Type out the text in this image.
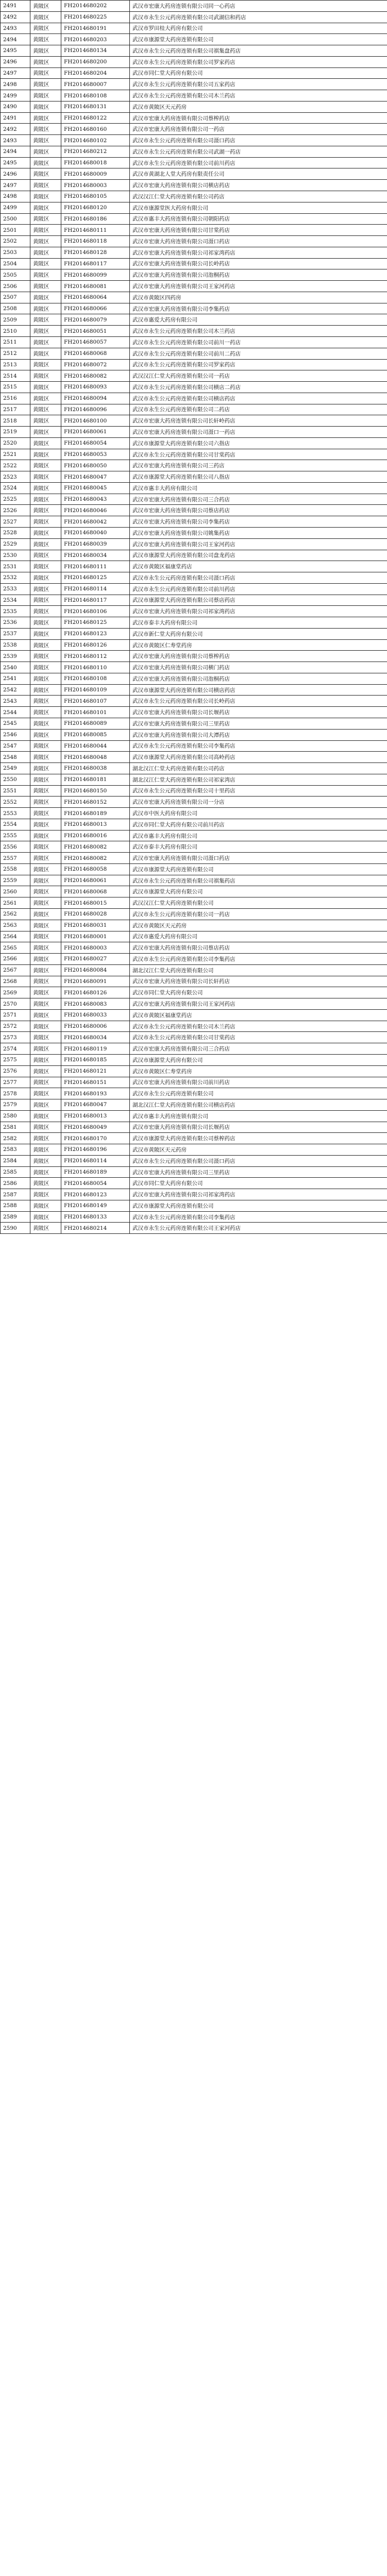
2491	黄陂区	FH2014680202	武汉市宏康大药房连锁有限公司同一心药店
2492	黄陂区	FH2014680225	武汉市永生公元药房连锁有限公司武湖信和药店
2493	黄陂区	FH2014680191	武汉市罗田桂大药房有限公司
2494	黄陂区	FH2014680203	武汉市康源堂大药房连锁有限公司
2495	黄陂区	FH2014680134	武汉市永生公元药房连锁有限公司祺集盘药店
2496	黄陂区	FH2014680200	武汉市永生公元药房连锁有限公司罗家药店
2497	黄陂区	FH2014680204	武汉市同仁堂大药房有限公司
2498	黄陂区	FH2014680007	武汉市永生公元药房连锁有限公司五家药店
2499	黄陂区	FH2014680108	武汉市永生公元药房连锁有限公司木兰药店
2490	黄陂区	FH2014680131	武汉市黄陂区天元药房
2491	黄陂区	FH2014680122	武汉市宏康大药房连锁有限公司蔡榨药店
2492	黄陂区	FH2014680160	武汉市宏康大药房连锁有限公司一药店
2493	黄陂区	FH2014680102	武汉市永生公元药房连锁有限公司滠口药店
2494	黄陂区	FH2014680212	武汉市永生公元药房连锁有限公司武湖一药店
2495	黄陂区	FH2014680018	武汉市永生公元药房连锁有限公司前川药店
2496	黄陂区	FH2014680009	武汉市黄湖北人堂大药房有限责任公司
2497	黄陂区	FH2014680003	武汉市宏康大药房连锁有限公司横店药店
2498	黄陂区	FH2014680105	武汉汉江仁堂大药房连锁有限公司药店
2499	黄陂区	FH2014680120	武汉市康源堂医大药房有限公司
2500	黄陂区	FH2014680186	武汉市惠丰大药房连锁有限公司朝阳药店
2501	黄陂区	FH2014680111	武汉市宏康大药房连锁有限公司甘棠药店
2502	黄陂区	FH2014680118	武汉市宏康大药房连锁有限公司滠口药店
2503	黄陂区	FH2014680128	武汉市宏康大药房连锁有限公司祁家湾药店
2504	黄陂区	FH2014680117	武汉市宏康大药房连锁有限公司长岭药店
2505	黄陂区	FH2014680099	武汉市宏康大药房连锁有限公司泡桐药店
2506	黄陂区	FH2014680081	武汉市宏康大药房连锁有限公司王家河药店
2507	黄陂区	FH2014680064	武汉市黄陂区四药房
2508	黄陂区	FH2014680066	武汉市宏康大药房连锁有限公司李集药店
2509	黄陂区	FH2014680079	武汉市惠爱大药房有限公司
2510	黄陂区	FH2014680051	武汉市永生公元药房连锁有限公司木兰药店
2511	黄陂区	FH2014680057	武汉市永生公元药房连锁有限公司前川一药店
2512	黄陂区	FH2014680068	武汉市永生公元药房连锁有限公司前川二药店
2513	黄陂区	FH2014680072	武汉市永生公元药房连锁有限公司罗家药店
2514	黄陂区	FH2014680082	武汉汉江仁堂大药房连锁有限公司一药店
2515	黄陂区	FH2014680093	武汉市永生公元药房连锁有限公司横店二药店
2516	黄陂区	FH2014680094	武汉市永生公元药房连锁有限公司横店药店
2517	黄陂区	FH2014680096	武汉市永生公元药房连锁有限公司二药店
2518	黄陂区	FH2014680100	武汉市宏康大药房连锁有限公司长轩岭药店
2519	黄陂区	FH2014680061	武汉市宏康大药房连锁有限公司滠口一药店
2520	黄陂区	FH2014680054	武汉市康源堂大药房连锁有限公司六指店
2521	黄陂区	FH2014680053	武汉市永生公元药房连锁有限公司甘棠药店
2522	黄陂区	FH2014680050	武汉市宏康大药房连锁有限公司三药店
2523	黄陂区	FH2014680047	武汉市康源堂大药房连锁有限公司八指店
2524	黄陂区	FH2014680045	武汉市惠丰大药房有限公司
2525	黄陂区	FH2014680043	武汉市宏康大药房连锁有限公司三合药店
2526	黄陂区	FH2014680046	武汉市宏康大药房连锁有限公司蔡店药店
2527	黄陂区	FH2014680042	武汉市宏康大药房连锁有限公司李集药店
2528	黄陂区	FH2014680040	武汉市宏康大药房连锁有限公司姚集药店
2529	黄陂区	FH2014680039	武汉市宏康大药房连锁有限公司王家河药店
2530	黄陂区	FH2014680034	武汉市康源堂大药房连锁有限公司盘龙药店
2531	黄陂区	FH2014680111	武汉市黄陂区福康堂药店
2532	黄陂区	FH2014680125	武汉市永生公元药房连锁有限公司滠口药店
2533	黄陂区	FH2014680114	武汉市永生公元药房连锁有限公司前川药店
2534	黄陂区	FH2014680117	武汉市康源堂大药房连锁有限公司蔡店药店
2535	黄陂区	FH2014680106	武汉市宏康大药房连锁有限公司祁家湾药店
2536	黄陂区	FH2014680125	武汉市泰丰大药房有限公司
2537	黄陂区	FH2014680123	武汉市新仁堂大药房有限公司
2538	黄陂区	FH2014680126	武汉市黄陂区仁寿堂药房
2539	黄陂区	FH2014680112	武汉市宏康大药房连锁有限公司蔡榨药店
2540	黄陂区	FH2014680110	武汉市宏康大药房连锁有限公司横门药店
2541	黄陂区	FH2014680108	武汉市宏康大药房连锁有限公司泡桐药店
2542	黄陂区	FH2014680109	武汉市康源堂大药房连锁有限公司横店药店
2543	黄陂区	FH2014680107	武汉市永生公元药房连锁有限公司长岭药店
2544	黄陂区	FH2014680101	武汉市宏康大药房连锁有限公司长堰药店
2545	黄陂区	FH2014680089	武汉市宏康大药房连锁有限公司三里药店
2546	黄陂区	FH2014680085	武汉市宏康大药房连锁有限公司大潭药店
2547	黄陂区	FH2014680044	武汉市永生公元药房连锁有限公司李集药店
2548	黄陂区	FH2014680048	武汉市康源堂大药房连锁有限公司高岭药店
2549	黄陂区	FH2014680038	湖北汉江仁堂大药房连锁有限公司药店
2550	黄陂区	FH2014680181	湖北汉江仁堂大药房连锁有限公司祁家湾店
2551	黄陂区	FH2014680150	武汉市永生公元药房连锁有限公司十里药店
2552	黄陂区	FH2014680152	武汉市宏康大药房连锁有限公司一分店
2553	黄陂区	FH2014680189	武汉市中医大药房有限公司
2554	黄陂区	FH2014680013	武汉市同仁堂大药房有限公司前川药店
2555	黄陂区	FH2014680016	武汉市惠丰大药房有限公司
2556	黄陂区	FH2014680082	武汉市泰丰大药房有限公司
2557	黄陂区	FH2014680082	武汉市宏康大药房连锁有限公司滠口药店
2558	黄陂区	FH2014680058	武汉市康源堂大药房连锁有限公司
2559	黄陂区	FH2014680061	武汉市永生公元药房连锁有限公司祺集药店
2560	黄陂区	FH2014680068	武汉市康源堂大药房有限公司
2561	黄陂区	FH2014680015	武汉汉江仁堂大药房连锁有限公司
2562	黄陂区	FH2014680028	武汉市永生公元药房连锁有限公司一药店
2563	黄陂区	FH2014680031	武汉市黄陂区天元药房
2564	黄陂区	FH2014680001	武汉市惠爱大药房有限公司
2565	黄陂区	FH2014680003	武汉市宏康大药房连锁有限公司蔡店药店
2566	黄陂区	FH2014680027	武汉市永生公元药房连锁有限公司李集药店
2567	黄陂区	FH2014680084	湖北汉江仁堂大药房连锁有限公司
2568	黄陂区	FH2014680091	武汉市宏康大药房连锁有限公司长轩药店
2569	黄陂区	FH2014680126	武汉市同仁堂大药房有限公司
2570	黄陂区	FH2014680083	武汉市宏康大药房连锁有限公司王家河药店
2571	黄陂区	FH2014680033	武汉市黄陂区福康堂药店
2572	黄陂区	FH2014680006	武汉市永生公元药房连锁有限公司木兰药店
2573	黄陂区	FH2014680034	武汉市永生公元药房连锁有限公司甘棠药店
2574	黄陂区	FH2014680119	武汉市宏康大药房连锁有限公司三合药店
2575	黄陂区	FH2014680185	武汉市康源堂大药房有限公司
2576	黄陂区	FH2014680121	武汉市黄陂区仁寿堂药房
2577	黄陂区	FH2014680151	武汉市宏康大药房连锁有限公司前川药店
2578	黄陂区	FH2014680193	武汉市永生公元药房连锁有限公司
2579	黄陂区	FH2014680047	湖北汉江仁堂大药房连锁有限公司横店药店
2580	黄陂区	FH2014680013	武汉市惠丰大药房连锁有限公司
2581	黄陂区	FH2014680049	武汉市宏康大药房连锁有限公司长堰药店
2582	黄陂区	FH2014680170	武汉市康源堂大药房连锁有限公司蔡榨药店
2583	黄陂区	FH2014680196	武汉市黄陂区天元药房
2584	黄陂区	FH2014680114	武汉市永生公元药房连锁有限公司滠口药店
2585	黄陂区	FH2014680189	武汉市宏康大药房连锁有限公司三里药店
2586	黄陂区	FH2014680054	武汉市同仁堂大药房有限公司
2587	黄陂区	FH2014680123	武汉市宏康大药房连锁有限公司祁家湾药店
2588	黄陂区	FH2014680149	武汉市康源堂大药房连锁有限公司
2589	黄陂区	FH2014680133	武汉市永生公元药房连锁有限公司李集药店
2590	黄陂区	FH2014680214	武汉市永生公元药房连锁有限公司王家河药店
